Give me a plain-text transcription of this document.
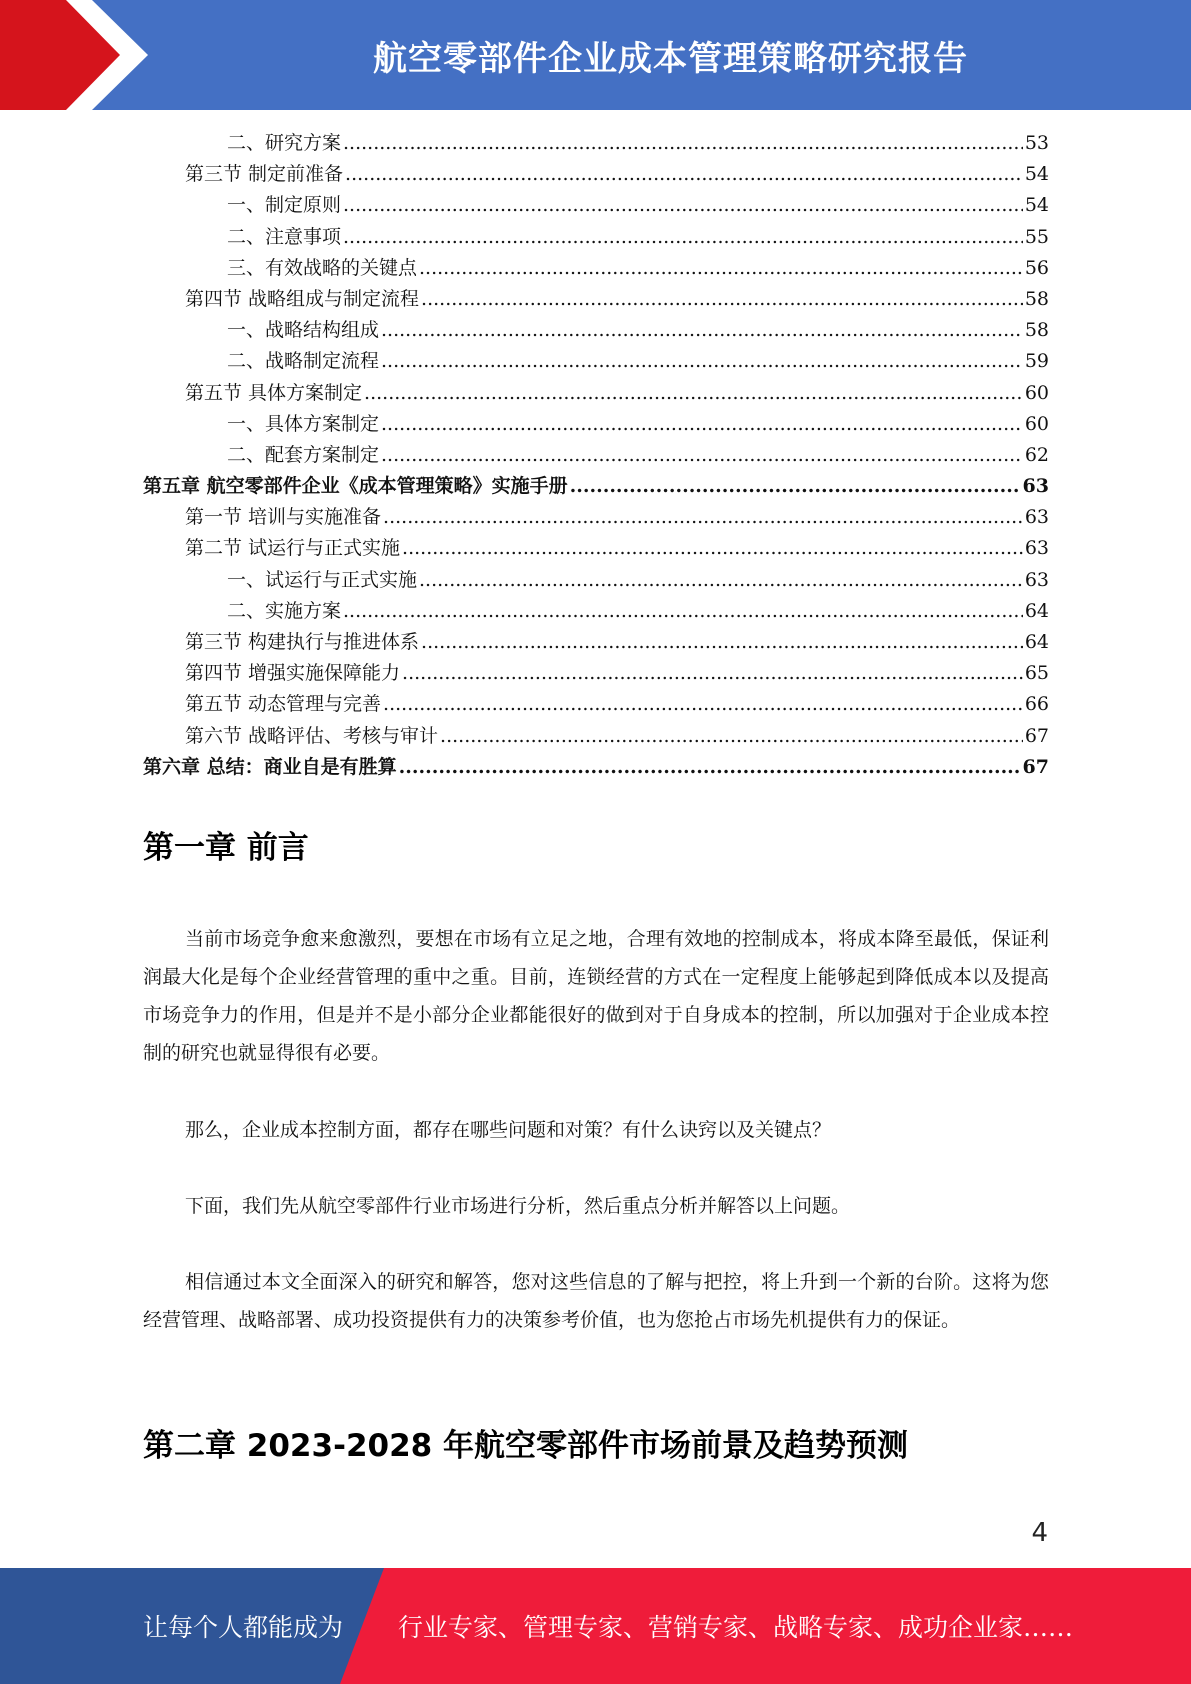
航空零部件企业成本管理策略研究报告
二、研究方案 .....	53
第三节 制定前准备 .....	54
一、制定原则 .....	54
二、注意事项 .....	55
三、有效战略的关键点 .....	56
第四节 战略组成与制定流程 .....	58
一、战略结构组成 .....	58
二、战略制定流程 .....	59
第五节 具体方案制定 .....	60
一、具体方案制定 .....	60
二、配套方案制定 .....	62
第五章 航空零部件企业《成本管理策略》实施手册 .....	63
第一节 培训与实施准备 .....	63
第二节 试运行与正式实施 .....	63
一、试运行与正式实施 .....	63
二、实施方案 .....	64
第三节 构建执行与推进体系 .....	64
第四节 增强实施保障能力 .....	65
第五节 动态管理与完善 .....	66
第六节 战略评估、考核与审计 .....	67
第六章 总结：商业自是有胜算 .....	67
第一章 前言

当前市场竞争愈来愈激烈，要想在市场有立足之地，合理有效地的控制成本，将成本降至最低，保证利润最大化是每个企业经营管理的重中之重。目前，连锁经营的方式在一定程度上能够起到降低成本以及提高市场竞争力的作用，但是并不是小部分企业都能很好的做到对于自身成本的控制，所以加强对于企业成本控制的研究也就显得很有必要。

那么，企业成本控制方面，都存在哪些问题和对策？有什么诀窍以及关键点？

下面，我们先从航空零部件行业市场进行分析，然后重点分析并解答以上问题。

相信通过本文全面深入的研究和解答，您对这些信息的了解与把控，将上升到一个新的台阶。这将为您经营管理、战略部署、成功投资提供有力的决策参考价值，也为您抢占市场先机提供有力的保证。

第二章 2023-2028 年航空零部件市场前景及趋势预测
4
让每个人都能成为 行业专家、管理专家、营销专家、战略专家、成功企业家……
